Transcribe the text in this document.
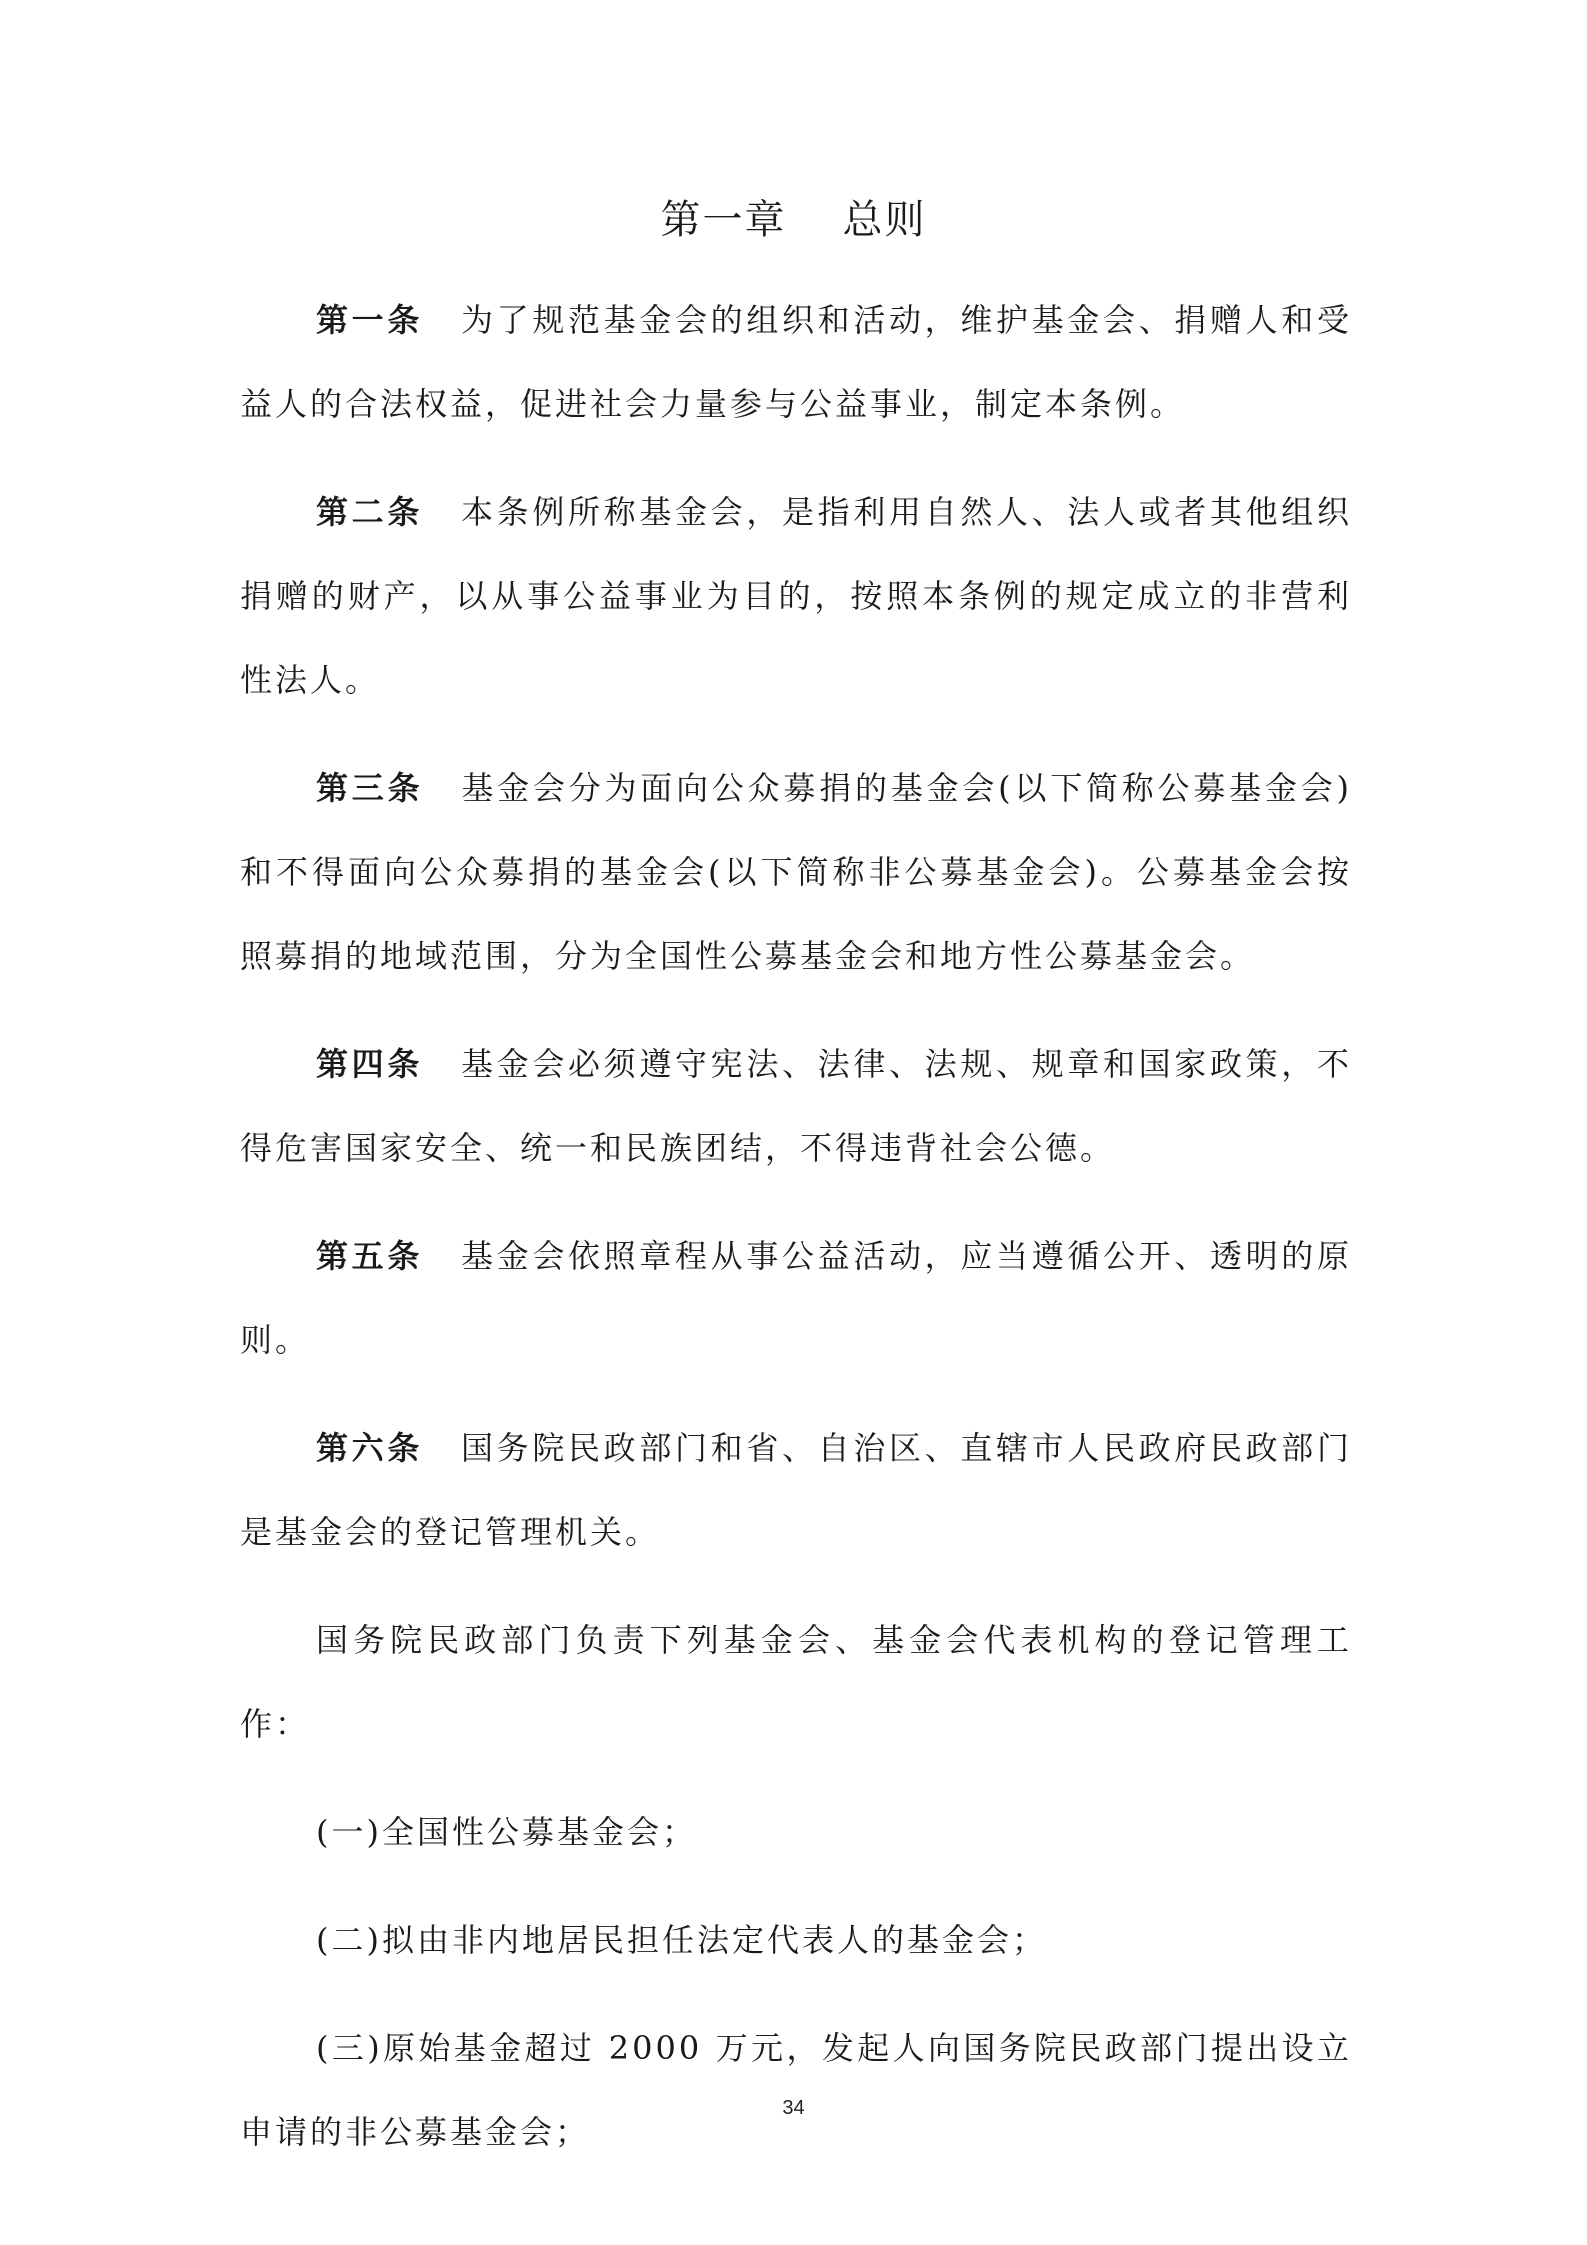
第一章 总则

第一条 为了规范基金会的组织和活动，维护基金会、捐赠人和受益人的合法权益，促进社会力量参与公益事业，制定本条例。

第二条 本条例所称基金会，是指利用自然人、法人或者其他组织捐赠的财产，以从事公益事业为目的，按照本条例的规定成立的非营利性法人。

第三条 基金会分为面向公众募捐的基金会(以下简称公募基金会)和不得面向公众募捐的基金会(以下简称非公募基金会)。公募基金会按照募捐的地域范围，分为全国性公募基金会和地方性公募基金会。

第四条 基金会必须遵守宪法、法律、法规、规章和国家政策，不得危害国家安全、统一和民族团结，不得违背社会公德。

第五条 基金会依照章程从事公益活动，应当遵循公开、透明的原则。

第六条 国务院民政部门和省、自治区、直辖市人民政府民政部门是基金会的登记管理机关。

国务院民政部门负责下列基金会、基金会代表机构的登记管理工作：

(一)全国性公募基金会；

(二)拟由非内地居民担任法定代表人的基金会；

(三)原始基金超过 2000 万元，发起人向国务院民政部门提出设立申请的非公募基金会；

34
